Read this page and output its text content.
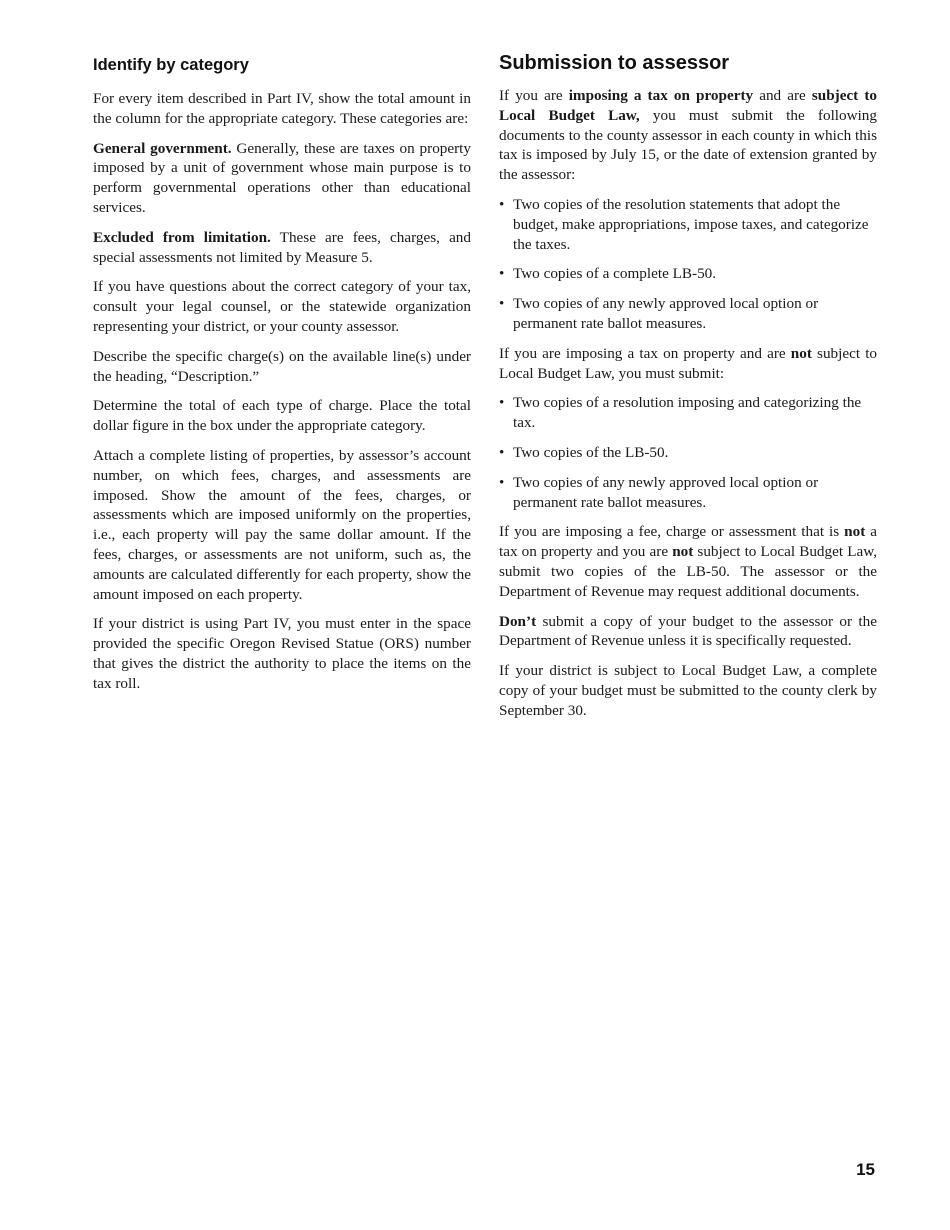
Identify by category

For every item described in Part IV, show the total amount in the column for the appropriate category. These categories are:

General government. Generally, these are taxes on property imposed by a unit of government whose main purpose is to perform governmental operations other than educational services.

Excluded from limitation. These are fees, charges, and special assessments not limited by Measure 5.

If you have questions about the correct category of your tax, consult your legal counsel, or the statewide organization representing your district, or your county assessor.

Describe the specific charge(s) on the available line(s) under the heading, “Description.”

Determine the total of each type of charge. Place the total dollar figure in the box under the appropriate category.

Attach a complete listing of properties, by assessor’s account number, on which fees, charges, and assessments are imposed. Show the amount of the fees, charges, or assessments which are imposed uniformly on the properties, i.e., each property will pay the same dollar amount. If the fees, charges, or assessments are not uniform, such as, the amounts are calculated differently for each property, show the amount imposed on each property.

If your district is using Part IV, you must enter in the space provided the specific Oregon Revised Statue (ORS) number that gives the district the authority to place the items on the tax roll.

Submission to assessor

If you are imposing a tax on property and are subject to Local Budget Law, you must submit the following documents to the county assessor in each county in which this tax is imposed by July 15, or the date of extension granted by the assessor:

• Two copies of the resolution statements that adopt the budget, make appropriations, impose taxes, and categorize the taxes.
• Two copies of a complete LB-50.
• Two copies of any newly approved local option or permanent rate ballot measures.

If you are imposing a tax on property and are not subject to Local Budget Law, you must submit:

• Two copies of a resolution imposing and categorizing the tax.
• Two copies of the LB-50.
• Two copies of any newly approved local option or permanent rate ballot measures.

If you are imposing a fee, charge or assessment that is not a tax on property and you are not subject to Local Budget Law, submit two copies of the LB-50. The assessor or the Department of Revenue may request additional documents.

Don’t submit a copy of your budget to the assessor or the Department of Revenue unless it is specifically requested.

If your district is subject to Local Budget Law, a complete copy of your budget must be submitted to the county clerk by September 30.

15
